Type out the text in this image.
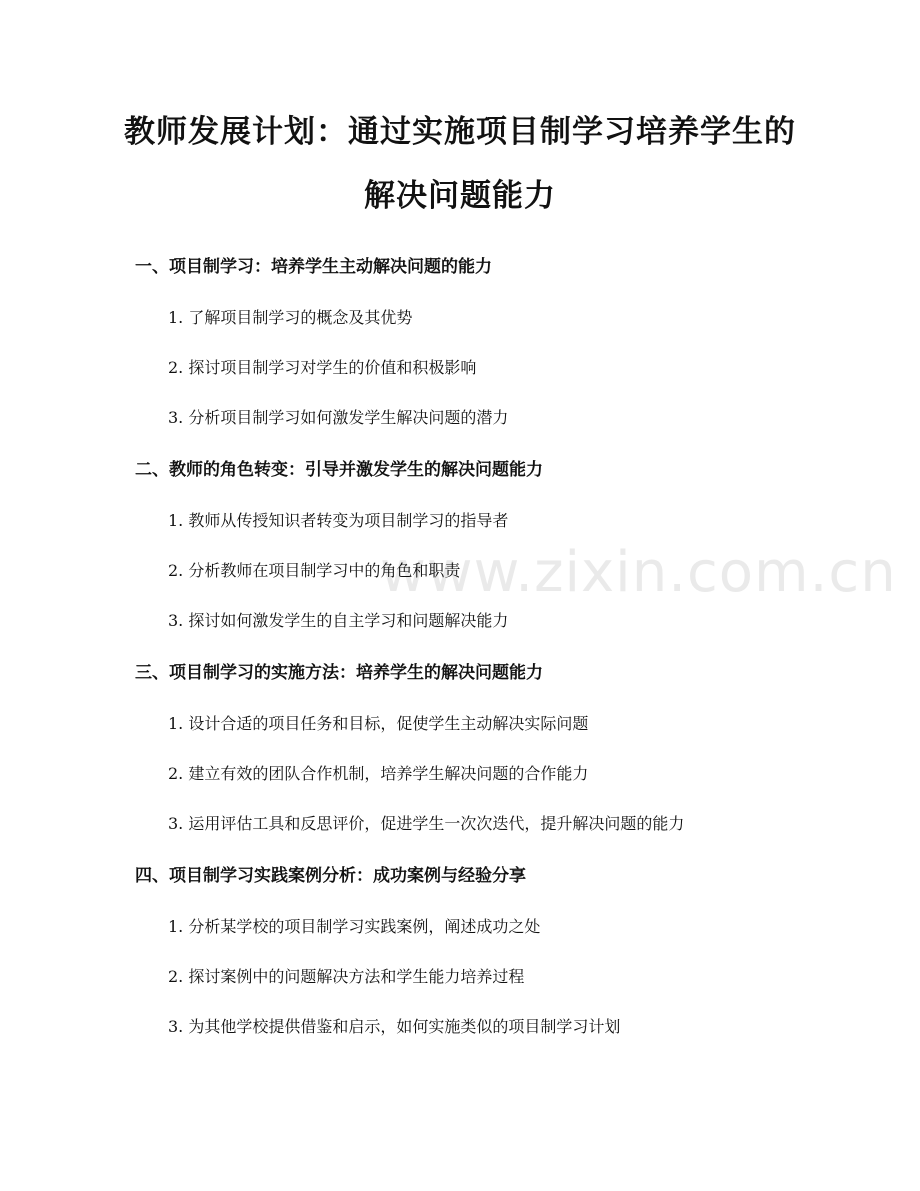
www.zixin.com.cn
教师发展计划：通过实施项目制学习培养学生的解决问题能力
一、项目制学习：培养学生主动解决问题的能力

1. 了解项目制学习的概念及其优势

2. 探讨项目制学习对学生的价值和积极影响

3. 分析项目制学习如何激发学生解决问题的潜力

二、教师的角色转变：引导并激发学生的解决问题能力

1. 教师从传授知识者转变为项目制学习的指导者

2. 分析教师在项目制学习中的角色和职责

3. 探讨如何激发学生的自主学习和问题解决能力

三、项目制学习的实施方法：培养学生的解决问题能力

1. 设计合适的项目任务和目标，促使学生主动解决实际问题

2. 建立有效的团队合作机制，培养学生解决问题的合作能力

3. 运用评估工具和反思评价，促进学生一次次迭代，提升解决问题的能力

四、项目制学习实践案例分析：成功案例与经验分享

1. 分析某学校的项目制学习实践案例，阐述成功之处

2. 探讨案例中的问题解决方法和学生能力培养过程

3. 为其他学校提供借鉴和启示，如何实施类似的项目制学习计划
